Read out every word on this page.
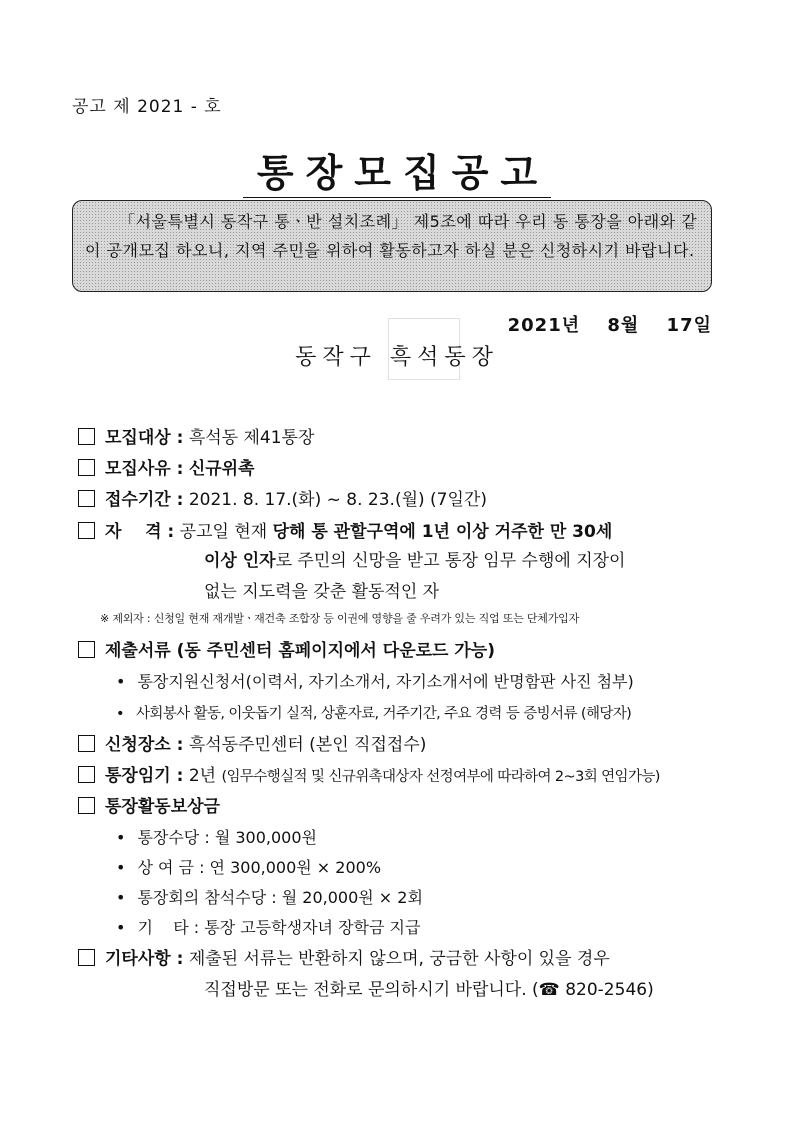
공고 제 2021 - 호
통장모집공고
「서울특별시 동작구 통ㆍ반 설치조례」 제5조에 따라 우리 동 통장을 아래와 같이 공개모집 하오니, 지역 주민을 위하여 활동하고자 하실 분은 신청하시기 바랍니다.
2021년 8월 17일
동작구 흑석동장
모집대상 : 흑석동 제41통장
모집사유 : 신규위촉
접수기간 : 2021. 8. 17.(화) ~ 8. 23.(월) (7일간)
자    격 : 공고일 현재 당해 통 관할구역에 1년 이상 거주한 만 30세
이상 인자로 주민의 신망을 받고 통장 임무 수행에 지장이
없는 지도력을 갖춘 활동적인 자
※ 제외자 : 신청일 현재 재개발ㆍ재건축 조합장 등 이권에 영향을 줄 우려가 있는 직업 또는 단체가입자
제출서류 (동 주민센터 홈페이지에서 다운로드 가능)
• 통장지원신청서(이력서, 자기소개서, 자기소개서에 반명함판 사진 첨부)
• 사회봉사 활동, 이웃돕기 실적, 상훈자료, 거주기간, 주요 경력 등 증빙서류 (해당자)
신청장소 : 흑석동주민센터 (본인 직접접수)
통장임기 : 2년 (임무수행실적 및 신규위촉대상자 선정여부에 따라하여 2~3회 연임가능)
통장활동보상금
• 통장수당 : 월 300,000원
• 상 여 금 : 연 300,000원 × 200%
• 통장회의 참석수당 : 월 20,000원 × 2회
• 기    타 : 통장 고등학생자녀 장학금 지급
기타사항 : 제출된 서류는 반환하지 않으며, 궁금한 사항이 있을 경우
직접방문 또는 전화로 문의하시기 바랍니다. (☎ 820-2546)
